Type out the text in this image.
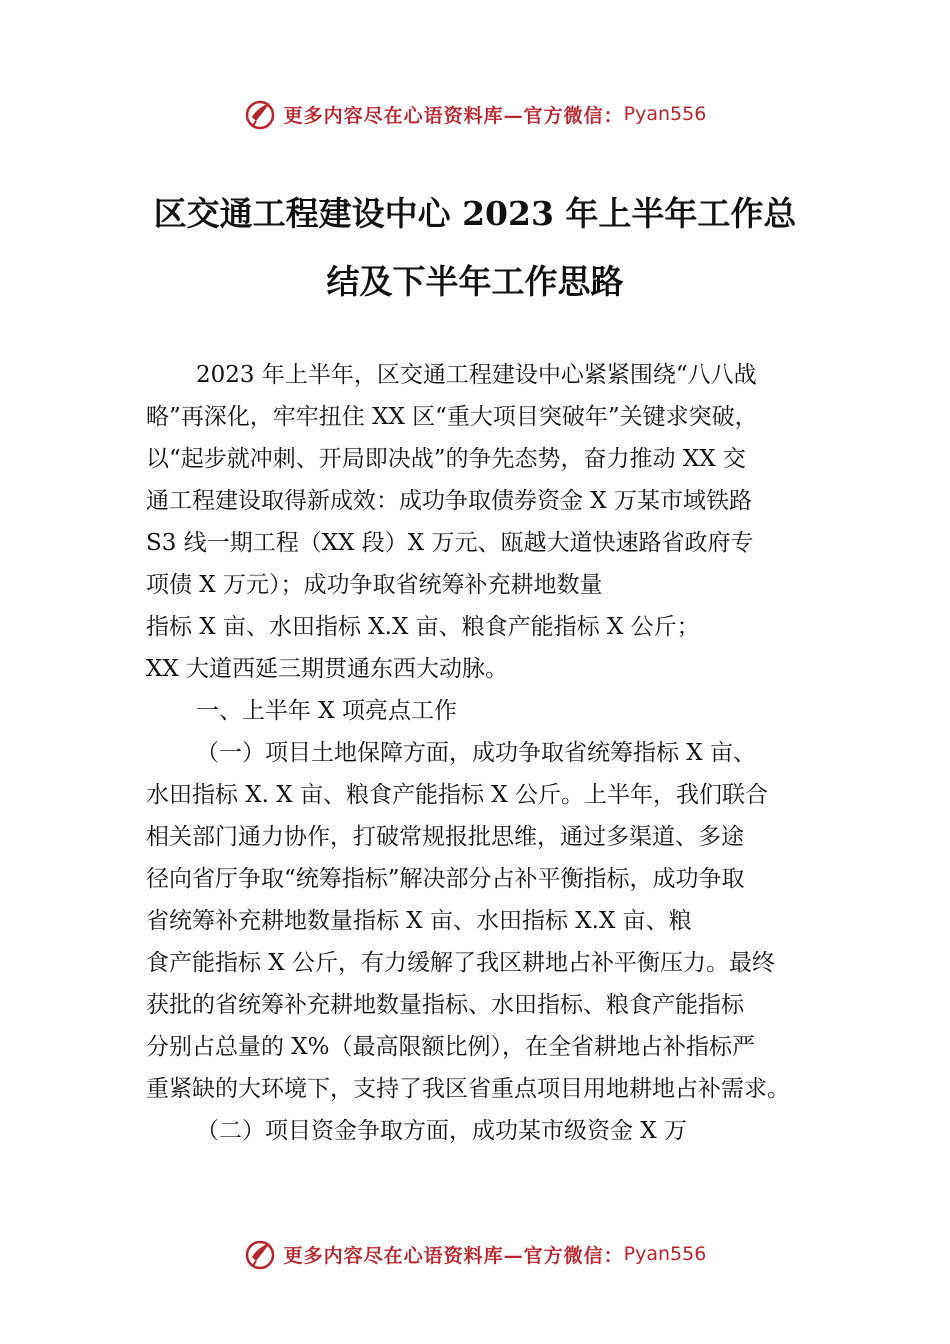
更多内容尽在心语资料库—官方微信： Pyan556
区交通工程建设中心 2023 年上半年工作总
结及下半年工作思路

2023 年上半年，区交通工程建设中心紧紧围绕“八八战

略”再深化，牢牢扭住 XX 区“重大项目突破年”关键求突破，

以“起步就冲刺、开局即决战”的争先态势，奋力推动 XX 交

通工程建设取得新成效：成功争取债券资金 X 万某市域铁路

S3 线一期工程（XX 段）X 万元、瓯越大道快速路省政府专

项债 X 万元）；成功争取省统筹补充耕地数量

指标 X 亩、水田指标 X.X 亩、粮食产能指标 X 公斤；

XX 大道西延三期贯通东西大动脉。

一、上半年 X 项亮点工作

（一）项目土地保障方面，成功争取省统筹指标 X 亩、

水田指标 X. X 亩、粮食产能指标 X 公斤。上半年，我们联合

相关部门通力协作，打破常规报批思维，通过多渠道、多途

径向省厅争取“统筹指标”解决部分占补平衡指标，成功争取

省统筹补充耕地数量指标 X 亩、水田指标 X.X 亩、粮

食产能指标 X 公斤，有力缓解了我区耕地占补平衡压力。最终

获批的省统筹补充耕地数量指标、水田指标、粮食产能指标

分别占总量的 X%（最高限额比例），在全省耕地占补指标严

重紧缺的大环境下，支持了我区省重点项目用地耕地占补需求。

（二）项目资金争取方面，成功某市级资金 X 万

更多内容尽在心语资料库—官方微信： Pyan556
